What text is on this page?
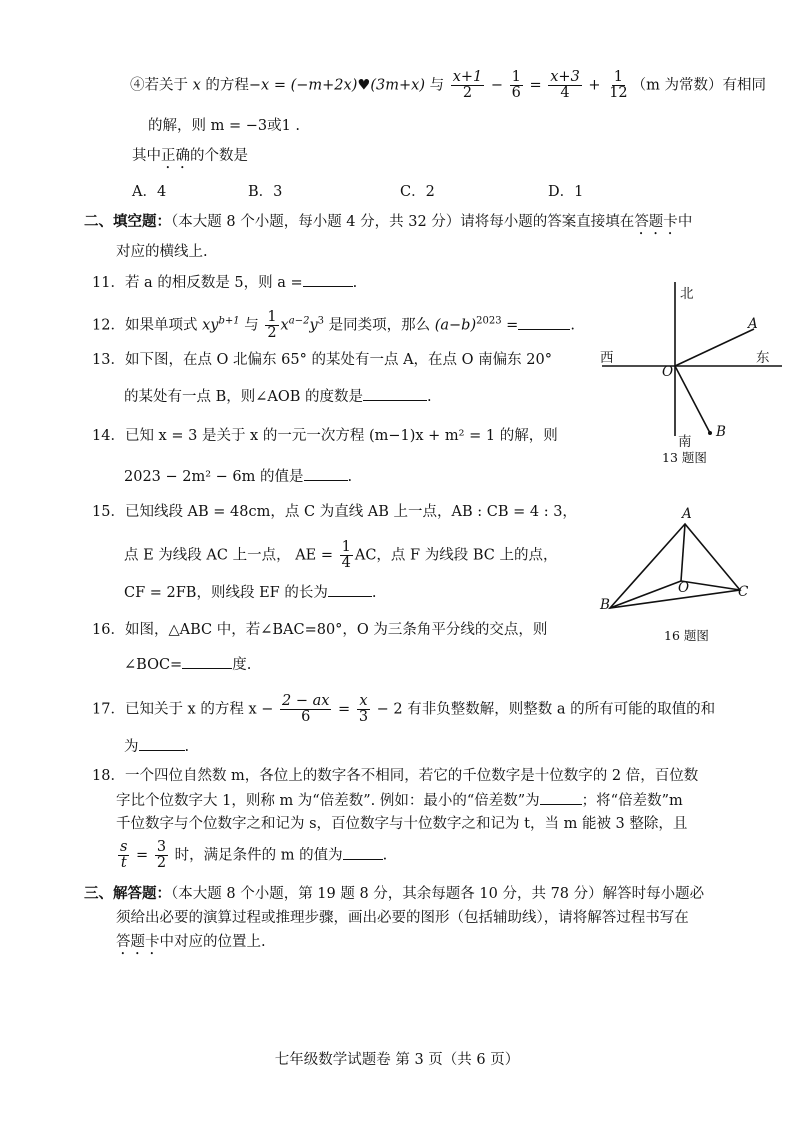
④若关于 x 的方程−x = (−m+2x)♥(3m+x) 与 $\frac{x+1}{2} - \frac{1}{6} = \frac{x+3}{4} + \frac{1}{12} (m$ 为常数）有相同
的解，则 m = −3或1 .
其中正确的个数是
A．4	B．3	C．2	D．1
二、填空题：（本大题 8 个小题，每小题 4 分，共 32 分）请将每小题的答案直接填在答题卡中
对应的横线上.
11．若 a 的相反数是 5，则 a =	.
12．如果单项式 $xy^{b+1}$ 与 $\frac{1}{2} x^{a-2}y^3$ 是同类项，那么 $(a-b)^{2023}$ =	.
13．如下图，在点 O 北偏东 65° 的某处有一点 A，在点 O 南偏东 20°
的某处有一点 B，则∠AOB 的度数是	.
14．已知 x = 3 是关于 x 的一元一次方程 (m−1)x + m² = 1 的解，则
2023 − 2m² − 6m 的值是	.
15．已知线段 AB = 48cm，点 C 为直线 AB 上一点，AB : CB = 4 : 3，
点 E 为线段 AC 上一点， AE = $\frac{1}{4}$ AC，点 F 为线段 BC 上的点，
CF = 2FB，则线段 EF 的长为	.
16．如图，△ABC 中，若∠BAC=80°，O 为三条角平分线的交点，则
∠BOC=	度.
17．已知关于 x 的方程 $x - \frac{2 - ax}{6} = \frac{x}{3} - 2$ 有非负整数解，则整数 a 的所有可能的取值的和
为	.
18．一个四位自然数 m，各位上的数字各不相同，若它的千位数字是十位数字的 2 倍，百位数
字比个位数字大 1，则称 m 为“倍差数”. 例如：最小的“倍差数”为	；将“倍差数”m
千位数字与个位数字之和记为 s，百位数字与十位数字之和记为 t，当 m 能被 3 整除，且
$\frac{s}{t} = \frac{3}{2}$ 时，满足条件的 m 的值为	.
三、解答题：（本大题 8 个小题，第 19 题 8 分，其余每题各 10 分，共 78 分）解答时每小题必
须给出必要的演算过程或推理步骤，画出必要的图形（包括辅助线），请将解答过程书写在
答题卡中对应的位置上.
北
西	东
O
A
B
南
13 题图
A
O
B
C
16 题图
七年级数学试题卷 第 3 页（共 6 页）
